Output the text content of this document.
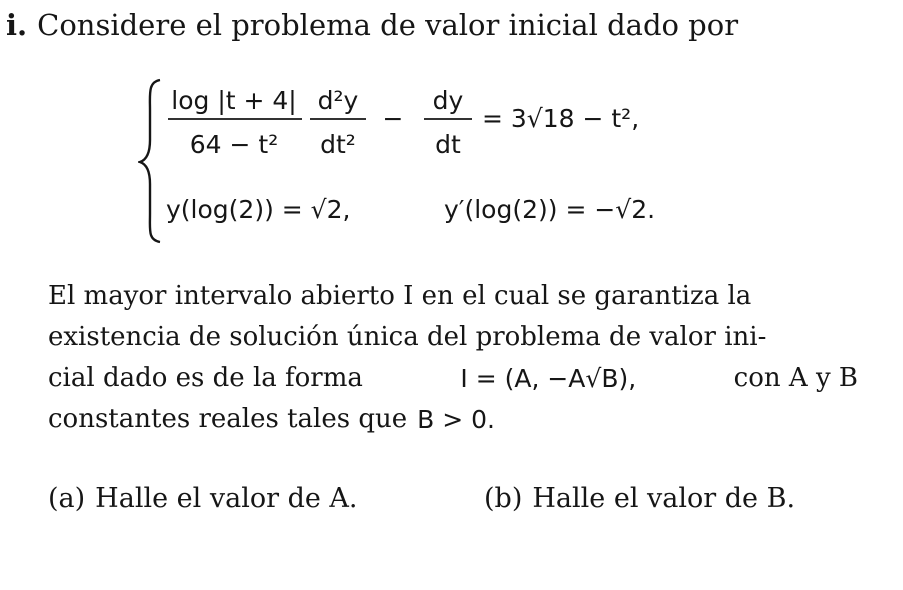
i. Considere el problema de valor inicial dado por
log |t + 4|
64 − t²
d²y
dt²
−
dy
dt
= 3√18 − t²,
y(log(2)) = √2,	y′(log(2)) = −√2.
El mayor intervalo abierto I en el cual se garantiza la
existencia de solución única del problema de valor ini-
cial dado es de la forma	I = (A, −A√B),	con A y B
constantes reales tales que B > 0.
(a) Halle el valor de A.	(b) Halle el valor de B.
